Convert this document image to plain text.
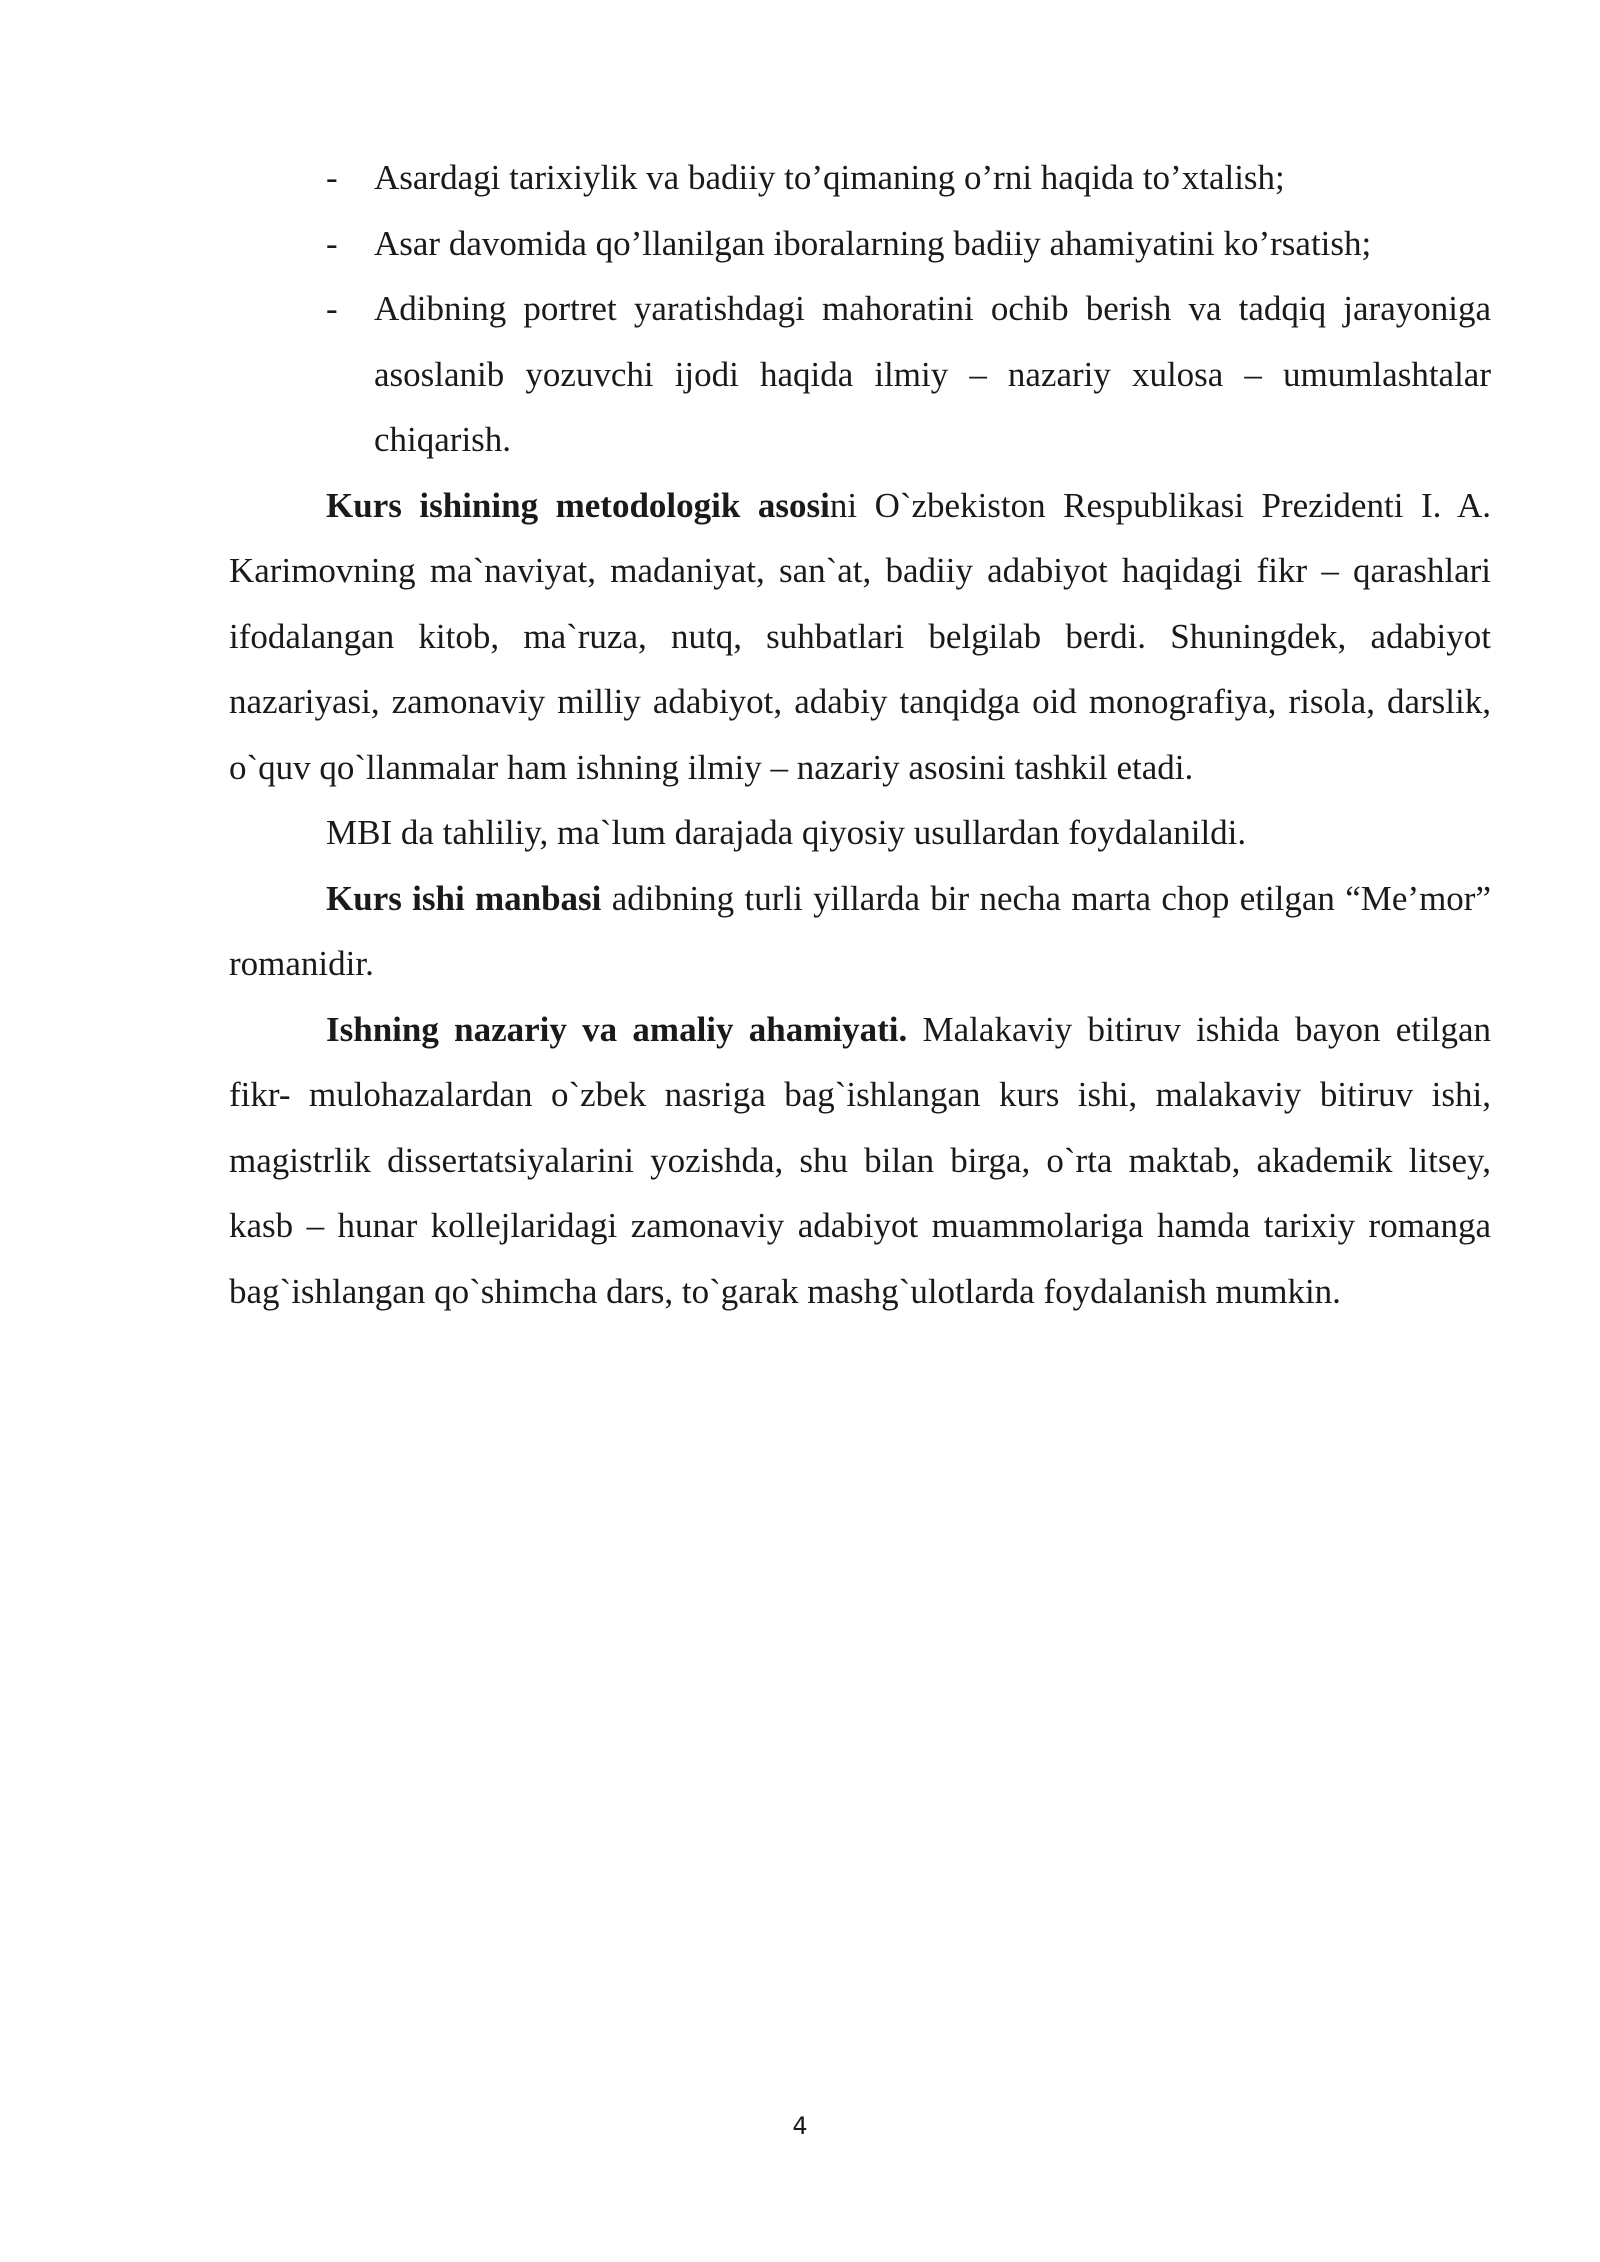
- Asardagi tarixiylik va badiiy to’qimaning o’rni haqida to’xtalish;
- Asar davomida qo’llanilgan iboralarning badiiy ahamiyatini ko’rsatish;
- Adibning portret yaratishdagi mahoratini ochib berish va tadqiq jarayoniga asoslanib yozuvchi ijodi haqida ilmiy – nazariy xulosa – umumlashtalar chiqarish.

Kurs ishining metodologik asosini O`zbekiston Respublikasi Prezidenti I. A. Karimovning ma`naviyat, madaniyat, san`at, badiiy adabiyot haqidagi fikr – qarashlari ifodalangan kitob, ma`ruza, nutq, suhbatlari belgilab berdi. Shuningdek, adabiyot nazariyasi, zamonaviy milliy adabiyot, adabiy tanqidga oid monografiya, risola, darslik, o`quv qo`llanmalar ham ishning ilmiy – nazariy asosini tashkil etadi.

MBI da tahliliy, ma`lum darajada qiyosiy usullardan foydalanildi.

Kurs ishi manbasi adibning turli yillarda bir necha marta chop etilgan “Me’mor” romanidir.

Ishning nazariy va amaliy ahamiyati. Malakaviy bitiruv ishida bayon etilgan fikr- mulohazalardan o`zbek nasriga bag`ishlangan kurs ishi, malakaviy bitiruv ishi, magistrlik dissertatsiyalarini yozishda, shu bilan birga, o`rta maktab, akademik litsey, kasb – hunar kollejlaridagi zamonaviy adabiyot muammolariga hamda tarixiy romanga bag`ishlangan qo`shimcha dars, to`garak mashg`ulotlarda foydalanish mumkin.

4
